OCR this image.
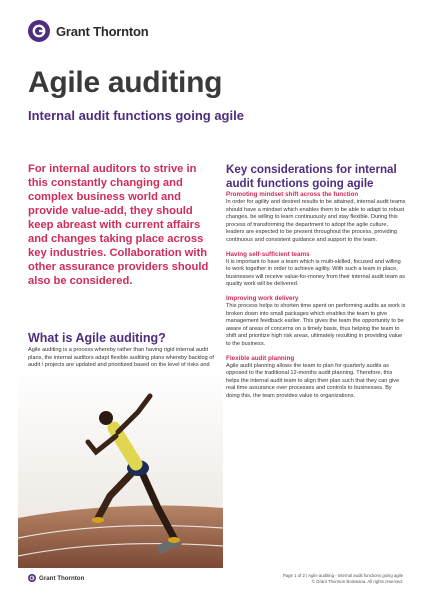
Grant Thornton
Agile auditing
Internal audit functions going agile

For internal auditors to strive in this constantly changing and complex business world and provide value-add, they should keep abreast with current affairs and changes taking place across key industries. Collaboration with other assurance providers should also be considered.

What is Agile auditing?

Agile auditing is a process whereby rather than having rigid internal audit plans, the internal auditors adapt flexible auditing plans whereby backlog of audit / projects are updated and prioritized based on the level of risks and

Key considerations for internal audit functions going agile

Promoting mindset shift across the function

In order for agility and desired results to be attained, internal audit teams should have a mindset which enables them to be able to adapt to robust changes, be willing to learn continuously and stay flexible. During this process of transforming the department to adopt the agile culture, leaders are expected to be present throughout the process, providing continuous and consistent guidance and support to the team.

Having self-sufficient teams

It is important to have a team which is multi-skilled, focused and willing to work together in order to achieve agility. With such a team in place, businesses will receive value-for-money from their internal audit team as quality work will be delivered.

Improving work delivery

This process helps to shorten time spent on performing audits as work is broken down into small packages which enables the team to give management feedback earlier. This gives the team the opportunity to be aware of areas of concerns on a timely basis, thus helping the team to shift and prioritize high risk areas, ultimately resulting in providing value to the business.

Flexible audit planning

Agile audit planning allows the team to plan for quarterly audits as opposed to the traditional 12-months audit planning. Therefore, this helps the internal audit team to align their plan such that they can give real time assurance over processes and controls to businesses. By doing this, the team provides value to organizations.

Grant Thornton	Page 1 of 2 | Agile auditing - Internal audit functions going agile
© Grant Thornton Botswana. All rights reserved.
